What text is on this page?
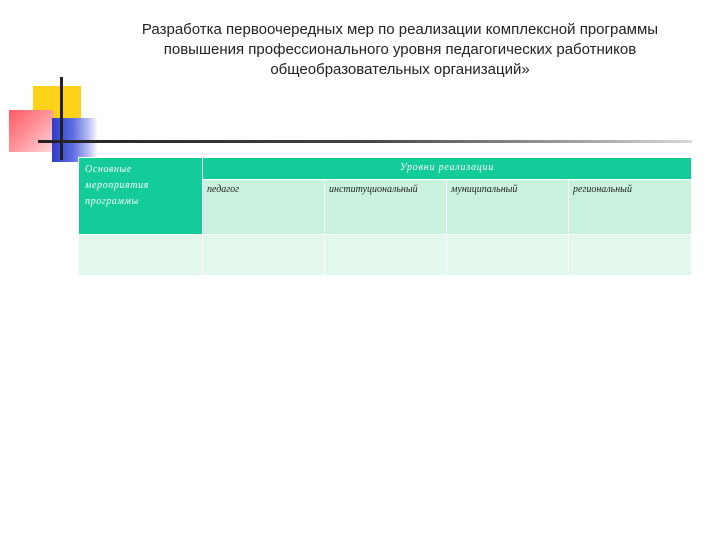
Разработка первоочередных мер по реализации комплексной программы
повышения профессионального уровня педагогических работников
общеобразовательных организаций»
Основные мероприятия программы	Уровни реализации			
	педагог	институциональный	муниципальный	региональный
